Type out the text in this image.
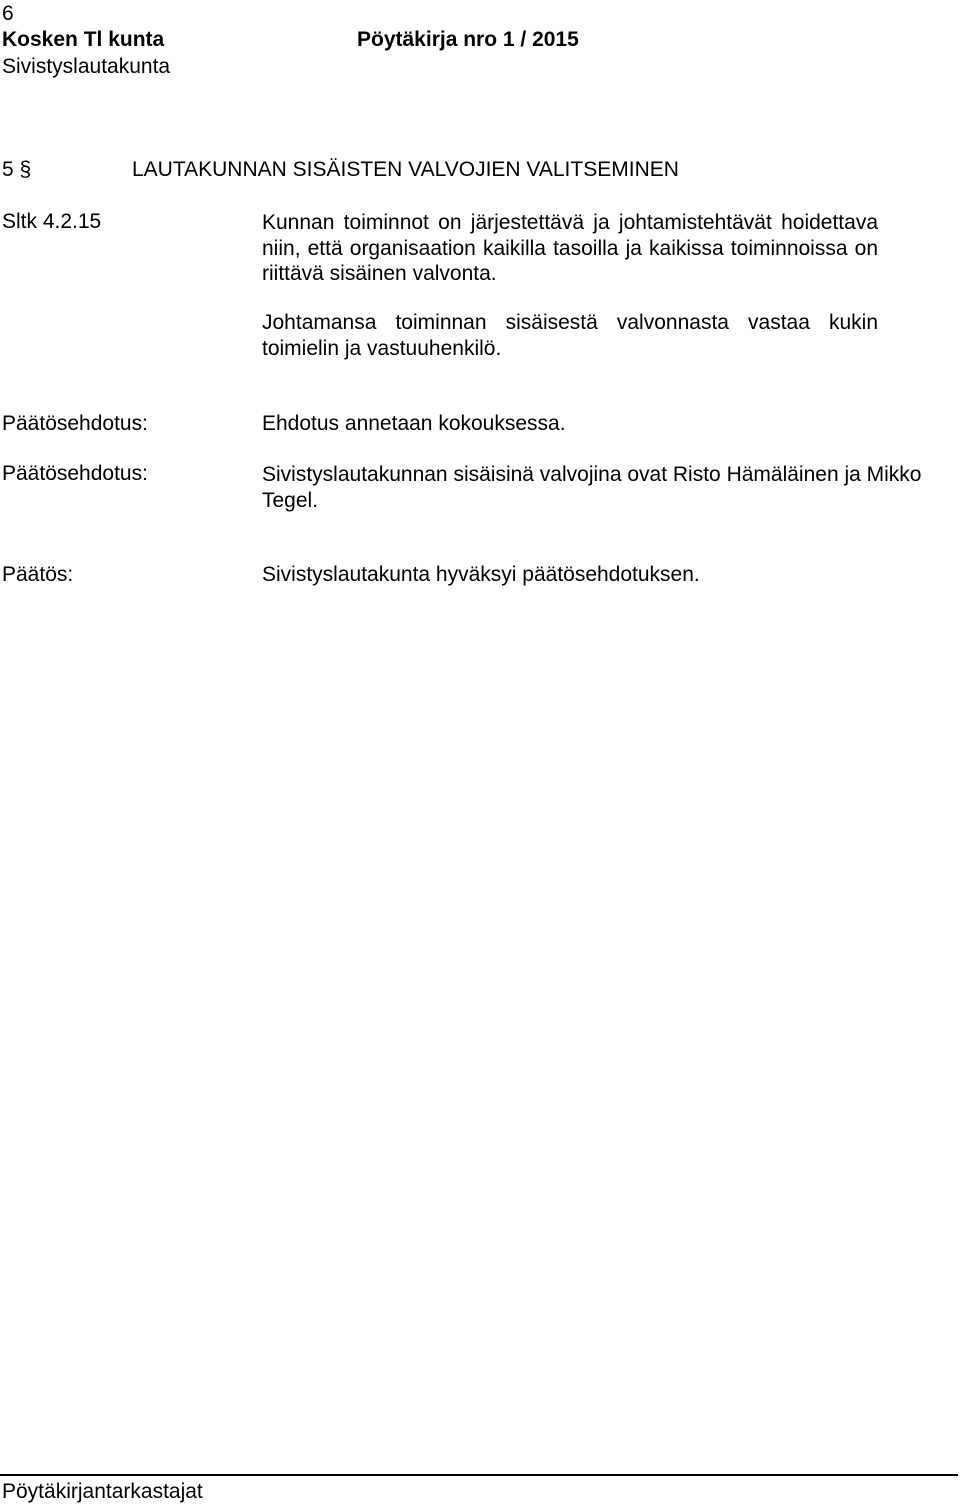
6
Kosken Tl kunta	Pöytäkirja nro 1 / 2015
Sivistyslautakunta
5 §	LAUTAKUNNAN SISÄISTEN VALVOJIEN VALITSEMINEN
Sltk 4.2.15	Kunnan toiminnot on järjestettävä ja johtamistehtävät hoidettava niin, että organisaation kaikilla tasoilla ja kaikissa toiminnoissa on riittävä sisäinen valvonta.
Johtamansa toiminnan sisäisestä valvonnasta vastaa kukin toimielin ja vastuuhenkilö.
Päätösehdotus:	Ehdotus annetaan kokouksessa.
Päätösehdotus:	Sivistyslautakunnan sisäisinä valvojina ovat Risto Hämäläinen ja Mikko Tegel.
Päätös:	Sivistyslautakunta hyväksyi päätösehdotuksen.
Pöytäkirjantarkastajat
